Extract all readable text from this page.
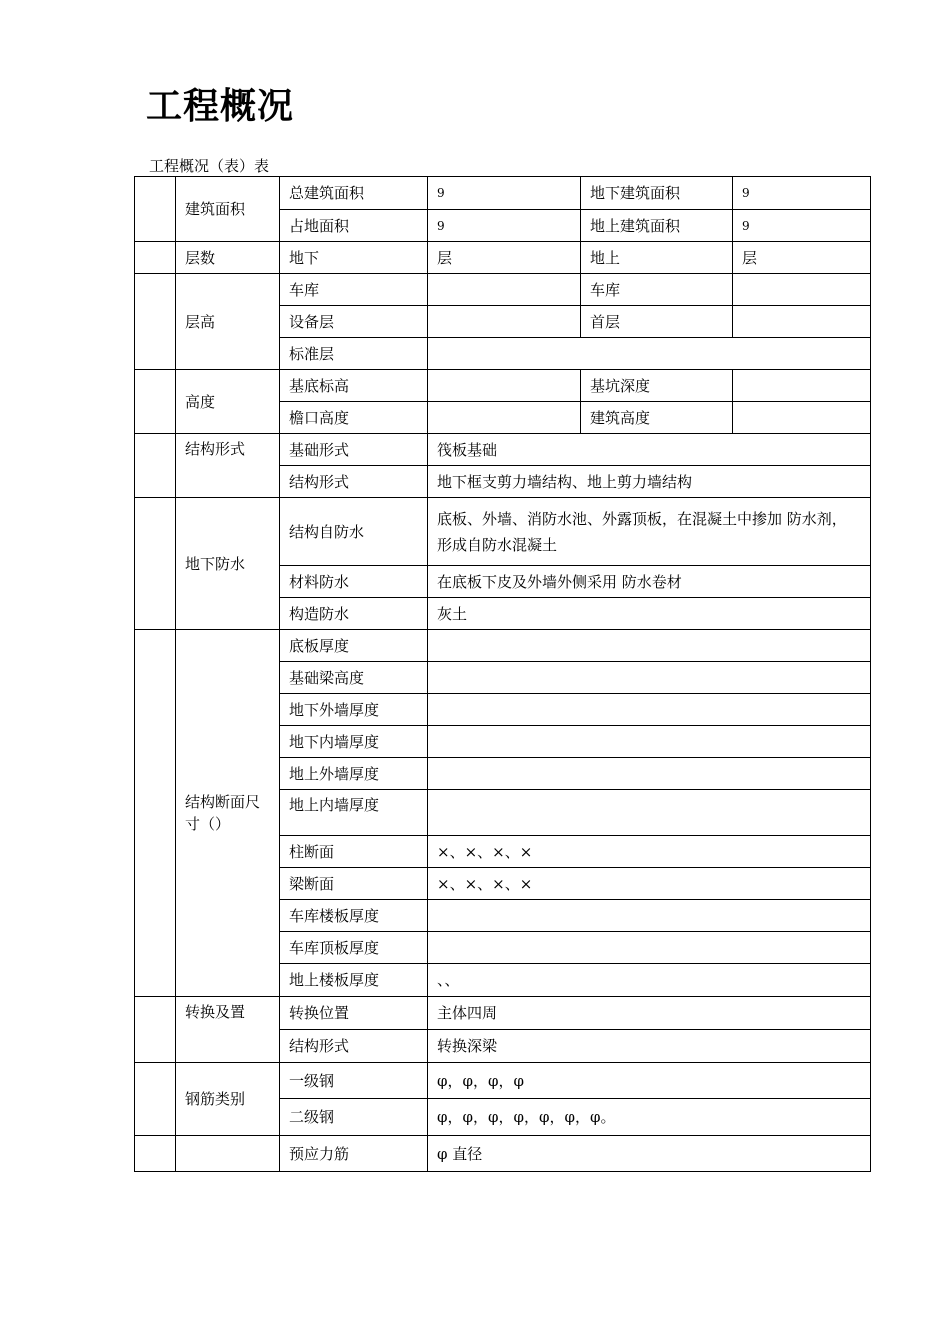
工程概况
工程概况（表）表
	建筑面积	总建筑面积	9	地下建筑面积	9
		占地面积	9	地上建筑面积	9
	层数	地下	层	地上	层
	层高	车库		车库	
		设备层		首层	
		标准层			
	高度	基底标高		基坑深度	
		檐口高度		建筑高度	
	结构形式	基础形式	筏板基础		
		结构形式	地下框支剪力墙结构、地上剪力墙结构		
	地下防水	结构自防水	底板、外墙、消防水池、外露顶板，在混凝土中掺加 防水剂，形成自防水混凝土		
		材料防水	在底板下皮及外墙外侧采用 防水卷材		
		构造防水	灰土		
	结构断面尺寸（）	底板厚度			
		基础梁高度			
		地下外墙厚度			
		地下内墙厚度			
		地上外墙厚度			
		地上内墙厚度			
		柱断面	×、×、×、×		
		梁断面	×、×、×、×		
		车库楼板厚度			
		车库顶板厚度			
		地上楼板厚度	、、		
	转换及置	转换位置	主体四周		
		结构形式	转换深梁		
	钢筋类别	一级钢	φ，φ，φ，φ		
		二级钢	φ，φ，φ，φ，φ，φ，φ。		
		预应力筋	φ 直径		
